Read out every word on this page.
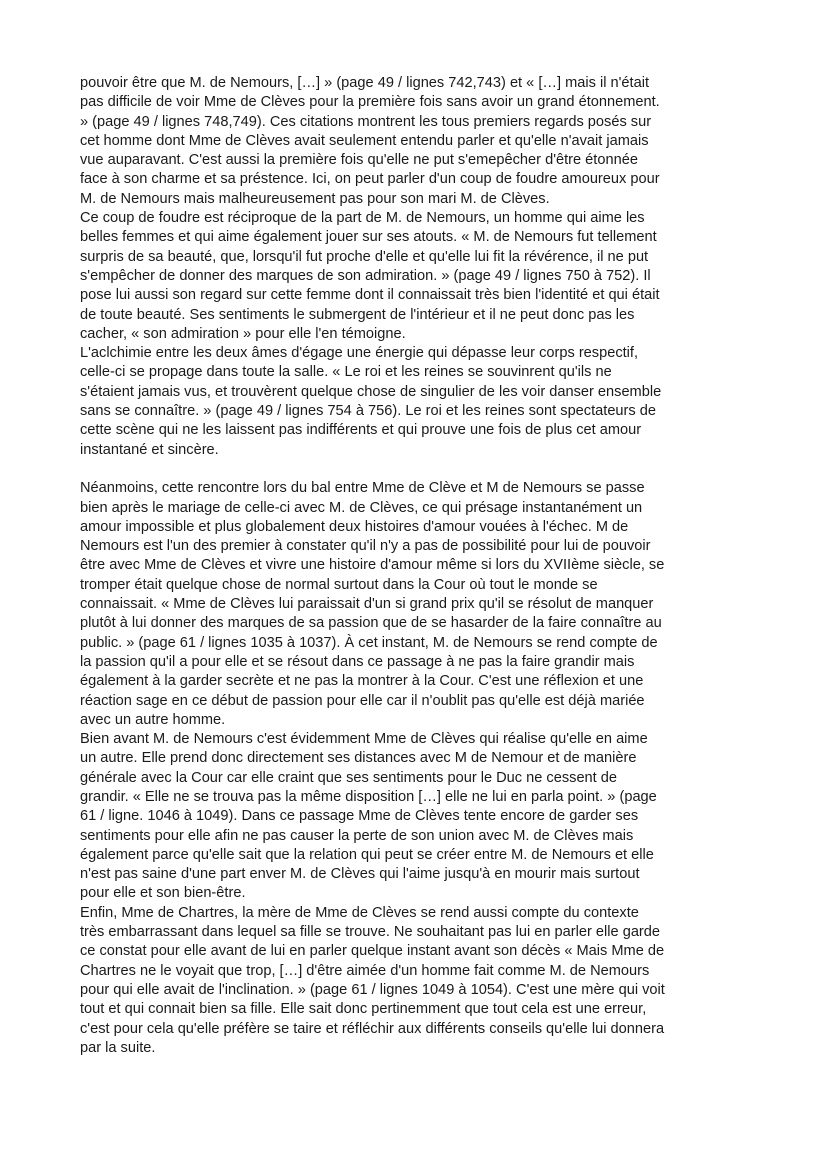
pouvoir être que M. de Nemours, […] » (page 49 / lignes 742,743) et « […] mais il n'était
pas difficile de voir Mme de Clèves pour la première fois sans avoir un grand étonnement.
» (page 49 / lignes 748,749). Ces citations montrent les tous premiers regards posés sur
cet homme dont Mme de Clèves avait seulement entendu parler et qu'elle n'avait jamais
vue auparavant. C'est aussi la première fois qu'elle ne put s'emepêcher d'être étonnée
face à son charme et sa préstence. Ici, on peut parler d'un coup de foudre amoureux pour
M. de Nemours mais malheureusement pas pour son mari M. de Clèves.

Ce coup de foudre est réciproque de la part de M. de Nemours, un homme qui aime les
belles femmes et qui aime également jouer sur ses atouts. « M. de Nemours fut tellement
surpris de sa beauté, que, lorsqu'il fut proche d'elle et qu'elle lui fit la révérence, il ne put
s'empêcher de donner des marques de son admiration. » (page 49 / lignes 750 à 752). Il
pose lui aussi son regard sur cette femme dont il connaissait très bien l'identité et qui était
de toute beauté. Ses sentiments le submergent de l'intérieur et il ne peut donc pas les
cacher, « son admiration » pour elle l'en témoigne.

L'aclchimie entre les deux âmes d'égage une énergie qui dépasse leur corps respectif,
celle-ci se propage dans toute la salle. « Le roi et les reines se souvinrent qu'ils ne
s'étaient jamais vus, et trouvèrent quelque chose de singulier de les voir danser ensemble
sans se connaître. » (page 49 / lignes 754 à 756). Le roi et les reines sont spectateurs de
cette scène qui ne les laissent pas indifférents et qui prouve une fois de plus cet amour
instantané et sincère.

Néanmoins, cette rencontre lors du bal entre Mme de Clève et M de Nemours se passe
bien après le mariage de celle-ci avec M. de Clèves, ce qui présage instantanément un
amour impossible et plus globalement deux histoires d'amour vouées à l'échec. M de
Nemours est l'un des premier à constater qu'il n'y a pas de possibilité pour lui de pouvoir
être avec Mme de Clèves et vivre une histoire d'amour même si lors du XVIIème siècle, se
tromper était quelque chose de normal surtout dans la Cour où tout le monde se
connaissait. « Mme de Clèves lui paraissait d'un si grand prix qu'il se résolut de manquer
plutôt à lui donner des marques de sa passion que de se hasarder de la faire connaître au
public. » (page 61 / lignes 1035 à 1037). À cet instant, M. de Nemours se rend compte de
la passion qu'il a pour elle et se résout dans ce passage à ne pas la faire grandir mais
également à la garder secrète et ne pas la montrer à la Cour. C'est une réflexion et une
réaction sage en ce début de passion pour elle car il n'oublit pas qu'elle est déjà mariée
avec un autre homme.

Bien avant M. de Nemours c'est évidemment Mme de Clèves qui réalise qu'elle en aime
un autre. Elle prend donc directement ses distances avec M de Nemour et de manière
générale avec la Cour car elle craint que ses sentiments pour le Duc ne cessent de
grandir. « Elle ne se trouva pas la même disposition […] elle ne lui en parla point. » (page
61 / ligne. 1046 à 1049). Dans ce passage Mme de Clèves tente encore de garder ses
sentiments pour elle afin ne pas causer la perte de son union avec M. de Clèves mais
également parce qu'elle sait que la relation qui peut se créer entre M. de Nemours et elle
n'est pas saine d'une part enver M. de Clèves qui l'aime jusqu'à en mourir mais surtout
pour elle et son bien-être.

Enfin, Mme de Chartres, la mère de Mme de Clèves se rend aussi compte du contexte
très embarrassant dans lequel sa fille se trouve. Ne souhaitant pas lui en parler elle garde
ce constat pour elle avant de lui en parler quelque instant avant son décès « Mais Mme de
Chartres ne le voyait que trop, […] d'être aimée d'un homme fait comme M. de Nemours
pour qui elle avait de l'inclination. » (page 61 / lignes 1049 à 1054). C'est une mère qui voit
tout et qui connait bien sa fille. Elle sait donc pertinemment que tout cela est une erreur,
c'est pour cela qu'elle préfère se taire et réfléchir aux différents conseils qu'elle lui donnera
par la suite.
